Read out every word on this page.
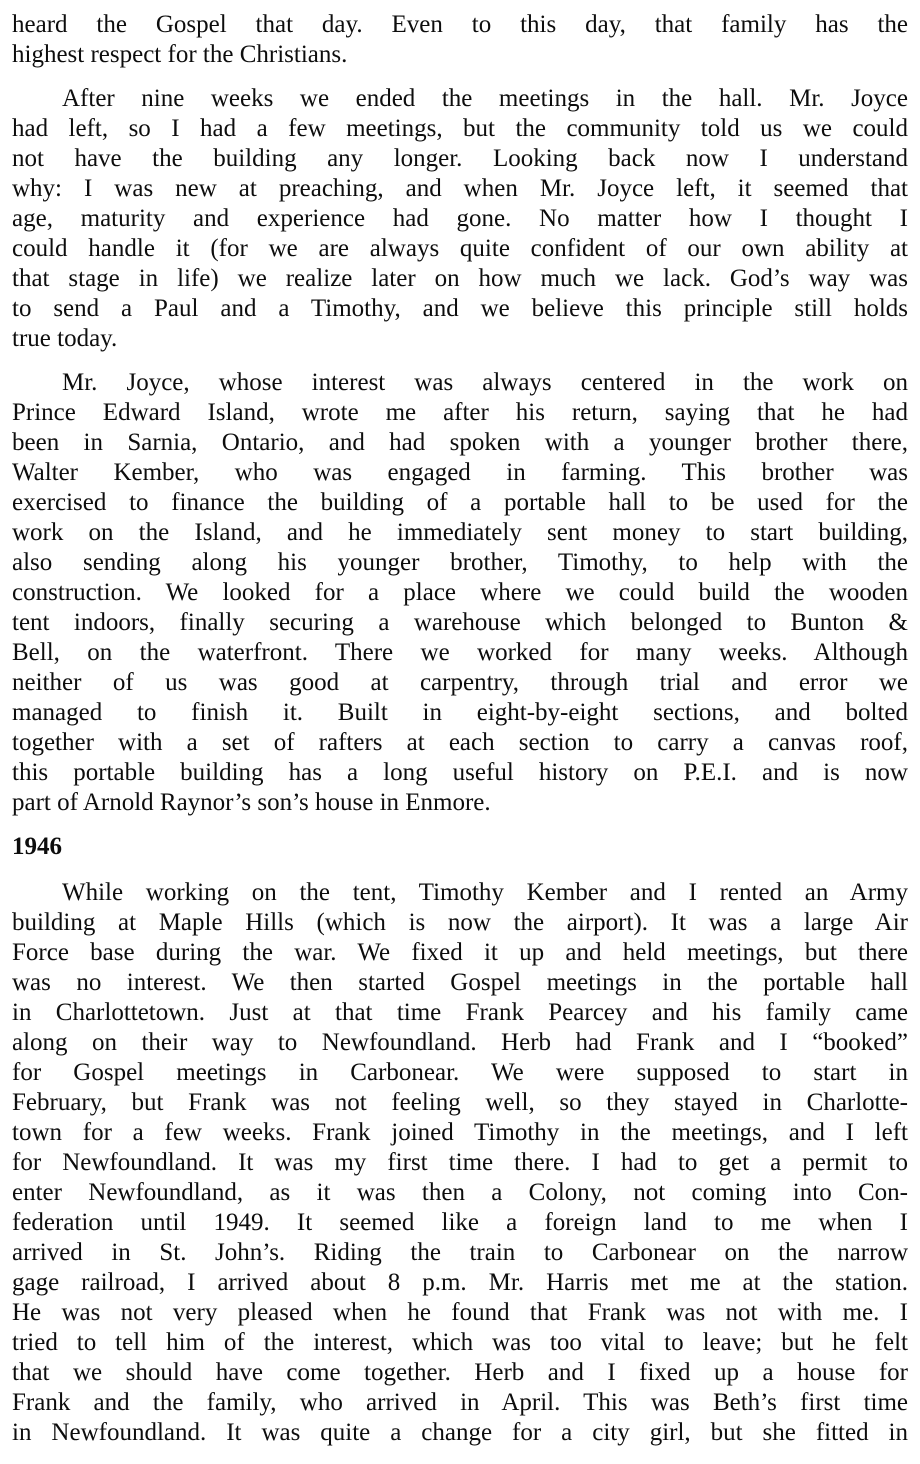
heard the Gospel that day. Even to this day, that family has the
highest respect for the Christians.
After nine weeks we ended the meetings in the hall. Mr. Joyce
had left, so I had a few meetings, but the community told us we could
not have the building any longer. Looking back now I understand
why: I was new at preaching, and when Mr. Joyce left, it seemed that
age, maturity and experience had gone. No matter how I thought I
could handle it (for we are always quite confident of our own ability at
that stage in life) we realize later on how much we lack. God’s way was
to send a Paul and a Timothy, and we believe this principle still holds
true today.
Mr. Joyce, whose interest was always centered in the work on
Prince Edward Island, wrote me after his return, saying that he had
been in Sarnia, Ontario, and had spoken with a younger brother there,
Walter Kember, who was engaged in farming. This brother was
exercised to finance the building of a portable hall to be used for the
work on the Island, and he immediately sent money to start building,
also sending along his younger brother, Timothy, to help with the
construction. We looked for a place where we could build the wooden
tent indoors, finally securing a warehouse which belonged to Bunton &
Bell, on the waterfront. There we worked for many weeks. Although
neither of us was good at carpentry, through trial and error we
managed to finish it. Built in eight-by-eight sections, and bolted
together with a set of rafters at each section to carry a canvas roof,
this portable building has a long useful history on P.E.I. and is now
part of Arnold Raynor’s son’s house in Enmore.
1946
While working on the tent, Timothy Kember and I rented an Army
building at Maple Hills (which is now the airport). It was a large Air
Force base during the war. We fixed it up and held meetings, but there
was no interest. We then started Gospel meetings in the portable hall
in Charlottetown. Just at that time Frank Pearcey and his family came
along on their way to Newfoundland. Herb had Frank and I “booked”
for Gospel meetings in Carbonear. We were supposed to start in
February, but Frank was not feeling well, so they stayed in Charlotte-
town for a few weeks. Frank joined Timothy in the meetings, and I left
for Newfoundland. It was my first time there. I had to get a permit to
enter Newfoundland, as it was then a Colony, not coming into Con-
federation until 1949. It seemed like a foreign land to me when I
arrived in St. John’s. Riding the train to Carbonear on the narrow
gage railroad, I arrived about 8 p.m. Mr. Harris met me at the station.
He was not very pleased when he found that Frank was not with me. I
tried to tell him of the interest, which was too vital to leave; but he felt
that we should have come together. Herb and I fixed up a house for
Frank and the family, who arrived in April. This was Beth’s first time
in Newfoundland. It was quite a change for a city girl, but she fitted in
